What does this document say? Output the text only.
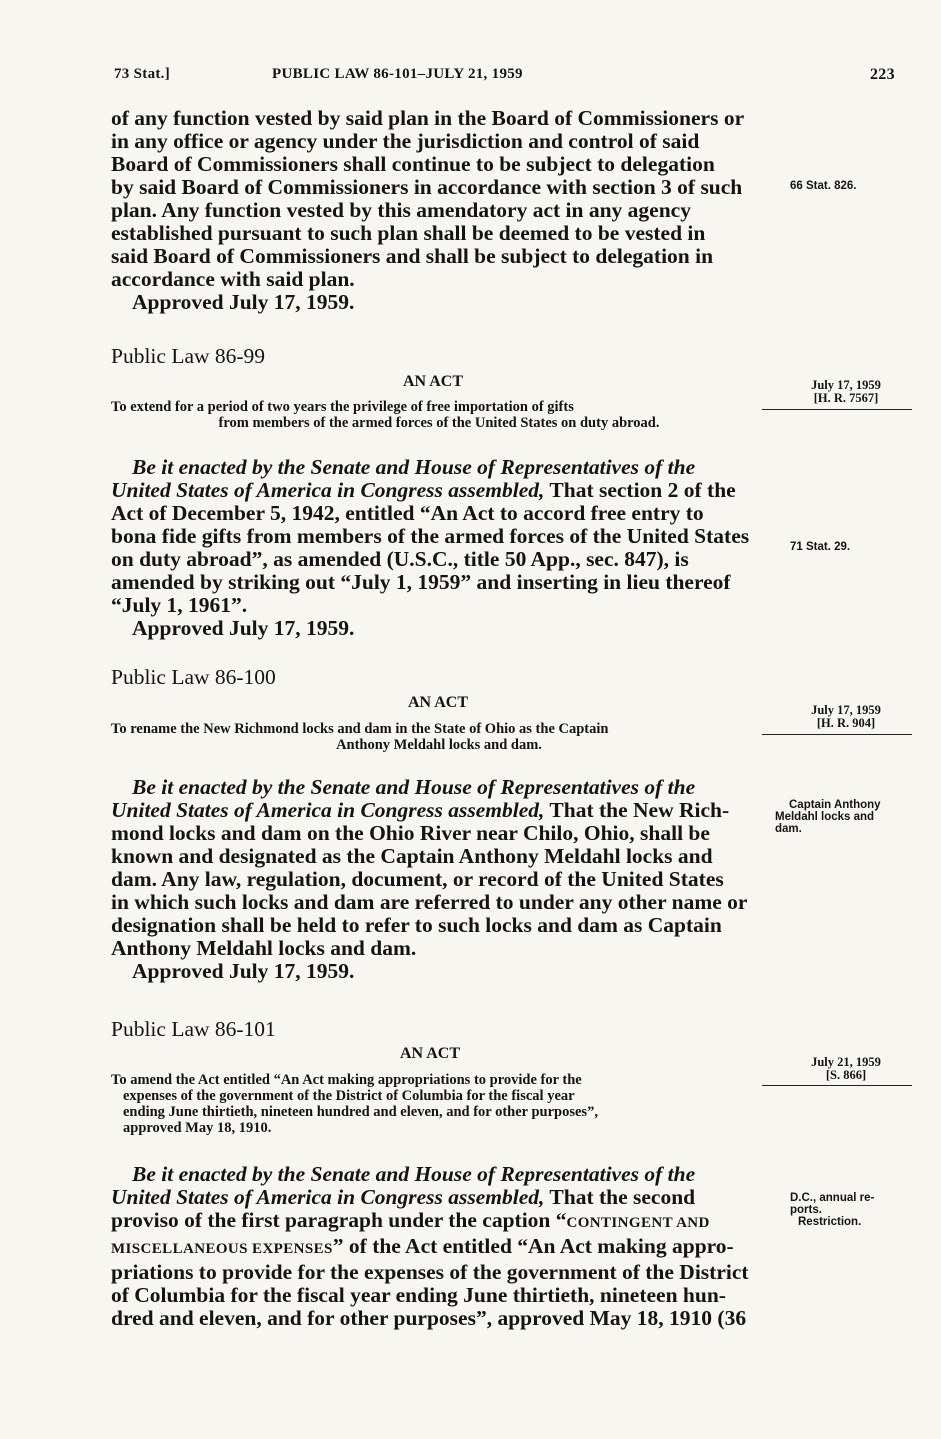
73 Stat.]	PUBLIC LAW 86-101–JULY 21, 1959	223

of any function vested by said plan in the Board of Commissioners or

in any office or agency under the jurisdiction and control of said

Board of Commissioners shall continue to be subject to delegation

by said Board of Commissioners in accordance with section 3 of such

plan. Any function vested by this amendatory act in any agency

established pursuant to such plan shall be deemed to be vested in

said Board of Commissioners and shall be subject to delegation in

accordance with said plan.

Approved July 17, 1959.

66 Stat. 826.
Public Law 86-99
AN ACT
To extend for a period of two years the privilege of free importation of gifts
from members of the armed forces of the United States on duty abroad.
July 17, 1959
[H. R. 7567]

Be it enacted by the Senate and House of Representatives of the

United States of America in Congress assembled, That section 2 of the

Act of December 5, 1942, entitled “An Act to accord free entry to

bona fide gifts from members of the armed forces of the United States

on duty abroad”, as amended (U.S.C., title 50 App., sec. 847), is

amended by striking out “July 1, 1959” and inserting in lieu thereof

“July 1, 1961”.

Approved July 17, 1959.

71 Stat. 29.
Public Law 86-100
AN ACT
To rename the New Richmond locks and dam in the State of Ohio as the Captain
Anthony Meldahl locks and dam.
July 17, 1959
[H. R. 904]

Be it enacted by the Senate and House of Representatives of the

United States of America in Congress assembled, That the New Rich-

mond locks and dam on the Ohio River near Chilo, Ohio, shall be

known and designated as the Captain Anthony Meldahl locks and

dam. Any law, regulation, document, or record of the United States

in which such locks and dam are referred to under any other name or

designation shall be held to refer to such locks and dam as Captain

Anthony Meldahl locks and dam.

Approved July 17, 1959.

Captain Anthony
Meldahl locks and
dam.
Public Law 86-101
AN ACT
To amend the Act entitled “An Act making appropriations to provide for the
expenses of the government of the District of Columbia for the fiscal year
ending June thirtieth, nineteen hundred and eleven, and for other purposes”,
approved May 18, 1910.
July 21, 1959
[S. 866]

Be it enacted by the Senate and House of Representatives of the

United States of America in Congress assembled, That the second

proviso of the first paragraph under the caption “CONTINGENT AND

MISCELLANEOUS EXPENSES” of the Act entitled “An Act making appro-

priations to provide for the expenses of the government of the District

of Columbia for the fiscal year ending June thirtieth, nineteen hun-

dred and eleven, and for other purposes”, approved May 18, 1910 (36

D.C., annual re-
ports.
Restriction.
